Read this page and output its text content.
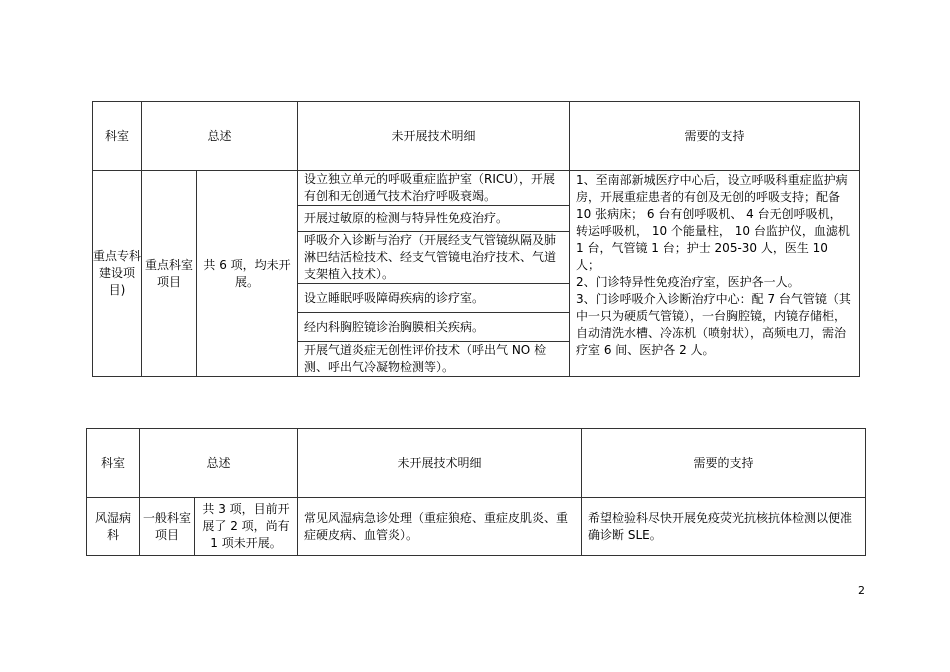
科室	总述		未开展技术明细	需要的支持
重点专科建设项目)	重点科室项目	共 6 项，均未开展。	设立独立单元的呼吸重症监护室（RICU），开展有创和无创通气技术治疗呼吸衰竭。	1、至南部新城医疗中心后，设立呼吸科重症监护病房，开展重症患者的有创及无创的呼吸支持；配备 10 张病床； 6 台有创呼吸机、 4 台无创呼吸机，转运呼吸机， 10 个能量柱， 10 台监护仪，血滤机 1 台，气管镜 1 台；护士 205-30 人，医生 10 人；
2、门诊特异性免疫治疗室，医护各一人。
3、门诊呼吸介入诊断治疗中心：配 7 台气管镜（其中一只为硬质气管镜），一台胸腔镜，内镜存储柜，自动清洗水槽、冷冻机（喷射状），高频电刀，需治疗室 6 间、医护各 2 人。
			开展过敏原的检测与特异性免疫治疗。	
			呼吸介入诊断与治疗（开展经支气管镜纵隔及肺淋巴结活检技术、经支气管镜电治疗技术、气道支架植入技术）。	
			设立睡眠呼吸障碍疾病的诊疗室。	
			经内科胸腔镜诊治胸膜相关疾病。	
			开展气道炎症无创性评价技术（呼出气 NO 检测、呼出气冷凝物检测等）。	
科室	总述		未开展技术明细	需要的支持
风湿病科	一般科室项目	共 3 项，目前开展了 2 项，尚有 1 项未开展。	常见风湿病急诊处理（重症狼疮、重症皮肌炎、重症硬皮病、血管炎）。	希望检验科尽快开展免疫荧光抗核抗体检测以便准确诊断 SLE。
2
